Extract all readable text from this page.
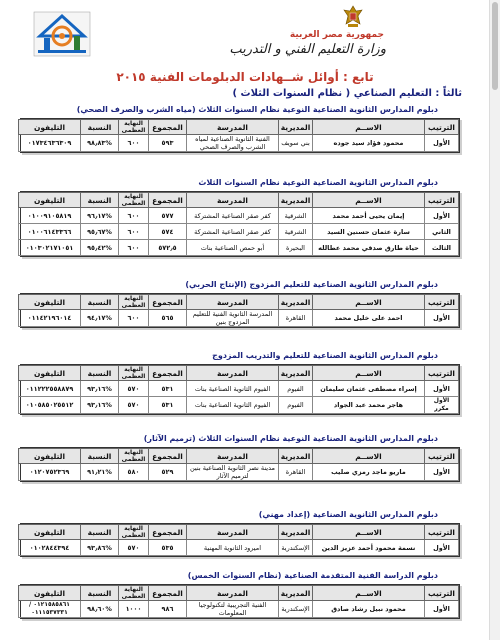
جمهورية مصر العربية
وزارة التعليم الفني و التدريب
تابع : أوائل شــهادات الدبلومات الفنية ٢٠١٥
ثالثاً : التعليم الصناعي ( نظام السنوات الثلاث )
دبلوم المدارس الثانوية الصناعية النوعية نظام السنوات الثلاث (مياه الشرب والصرف الصحي)
الترتيب	الاســم	المديرية	المدرسة	المجموع	النهاية العظمى	النسبة	التليفون
الأول	محمود فؤاد سيد جوده	بني سويف	الفنية الثانوية الصناعية لمياه الشرب والصرف الصحي	٥٩٣	٦٠٠	%٩٨٫٨٣	٠١٧٣٤٦٣٦٣٠٩
دبلوم المدارس الثانوية الصناعية النوعية نظام السنوات الثلاث
الترتيب	الاســم	المديرية	المدرسة	المجموع	النهاية العظمى	النسبة	التليفون
الأول	إيمان يحيى أحمد محمد	الشرقية	كفر صقر الصناعية المشتركة	٥٧٧	٦٠٠	%٩٦٫١٧	٠١٠٠٩١٠٥٨١٩
الثاني	سارة عثمان حسنين السيد	الشرقية	كفر صقر الصناعية المشتركة	٥٧٤	٦٠٠	%٩٥٫٦٧	٠١٠٠٦١٤٣٣٦٦
الثالث	حياة طارق صدقي محمد عطالله	البحيرة	أبو حمص الصناعية بنات	٥٧٢٫٥	٦٠٠	%٩٥٫٤٢	٠١٠٣٠٢١٧١٠٥١
دبلوم المدارس الثانوية الصناعية للتعليم المزدوج (الإنتاج الحربي)
الترتيب	الاســم	المديرية	المدرسة	المجموع	النهاية العظمى	النسبة	التليفون
الأول	احمد على خليل محمد	القاهرة	المدرسة الثانوية الفنية للتعليم المزدوج بنين	٥٦٥	٦٠٠	%٩٤٫١٧	٠١١٤٢١٩٦٠١٤
دبلوم المدارس الثانوية الصناعية للتعليم والتدريب المزدوج
الترتيب	الاســم	المديرية	المدرسة	المجموع	النهاية العظمى	النسبة	التليفون
الأول	إسراء مصطفى عثمان سليمان	الفيوم	الفيوم الثانوية الصناعية بنات	٥٣١	٥٧٠	%٩٣٫١٦	٠١١٢٢٢٥٥٨٨٧٩
الأول مكرر	هاجر محمد عبد الجواد	الفيوم	الفيوم الثانوية الصناعية بنات	٥٣١	٥٧٠	%٩٣٫١٦	٠١٠٥٨٥٠٢٥٥١٢
دبلوم المدارس الثانوية الصناعية النوعية نظام السنوات الثلاث (ترميم الآثار)
الترتيب	الاســم	المديرية	المدرسة	المجموع	النهاية العظمى	النسبة	التليفون
الأول	ماريو ماجد رمزي صليب	القاهرة	مدينة نصر الثانوية الصناعية بنين لترميم الآثار	٥٢٩	٥٨٠	%٩١٫٢١	٠١٢٠٧٥٢٣٦٩
دبلوم المدارس الثانوية الصناعية (إعداد مهني)
الترتيب	الاســم	المديرية	المدرسة	المجموع	النهاية العظمى	النسبة	التليفون
الأول	نسمة محمود أحمد عزيز الدين	الإسكندرية	اميرود الثانوية المهنية	٥٣٥	٥٧٠	%٩٣٫٨٦	٠١٠٢٨٤٤٣٩٤
دبلوم الدراسة الفنية المتقدمة الصناعية (نظام السنوات الخمس)
الترتيب	الاســم	المديرية	المدرسة	المجموع	النهاية العظمى	النسبة	التليفون
الأول	محمود نبيل رشاد صادق	الإسكندرية	الفنية التجريبية لتكنولوجيا المعلومات	٩٨٦	١٠٠٠	%٩٨٫٦٠	٠١٢١٥٨٥٨٦١ / ٠١١١٥٣٧٣٣١
